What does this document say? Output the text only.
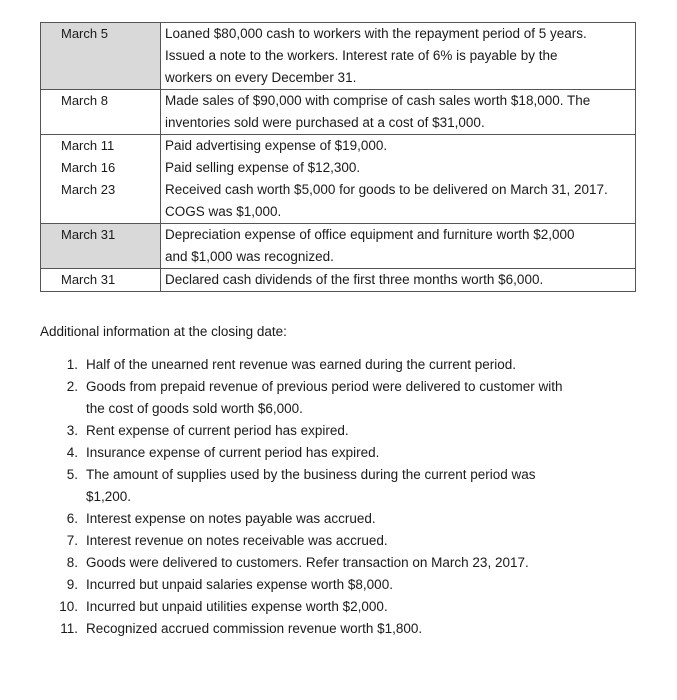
March 5	Loaned $80,000 cash to workers with the repayment period of 5 years.
Issued a note to the workers. Interest rate of 6% is payable by the
workers on every December 31.

March 8	Made sales of $90,000 with comprise of cash sales worth $18,000. The
inventories sold were purchased at a cost of $31,000.

March 11	Paid advertising expense of $19,000.

March 16	Paid selling expense of $12,300.

March 23	Received cash worth $5,000 for goods to be delivered on March 31, 2017.
COGS was $1,000.

March 31	Depreciation expense of office equipment and furniture worth $2,000
and $1,000 was recognized.

March 31	Declared cash dividends of the first three months worth $6,000.

Additional information at the closing date:

1. Half of the unearned rent revenue was earned during the current period.
2. Goods from prepaid revenue of previous period were delivered to customer with
the cost of goods sold worth $6,000.
3. Rent expense of current period has expired.
4. Insurance expense of current period has expired.
5. The amount of supplies used by the business during the current period was
$1,200.
6. Interest expense on notes payable was accrued.
7. Interest revenue on notes receivable was accrued.
8. Goods were delivered to customers. Refer transaction on March 23, 2017.
9. Incurred but unpaid salaries expense worth $8,000.
10. Incurred but unpaid utilities expense worth $2,000.
11. Recognized accrued commission revenue worth $1,800.
